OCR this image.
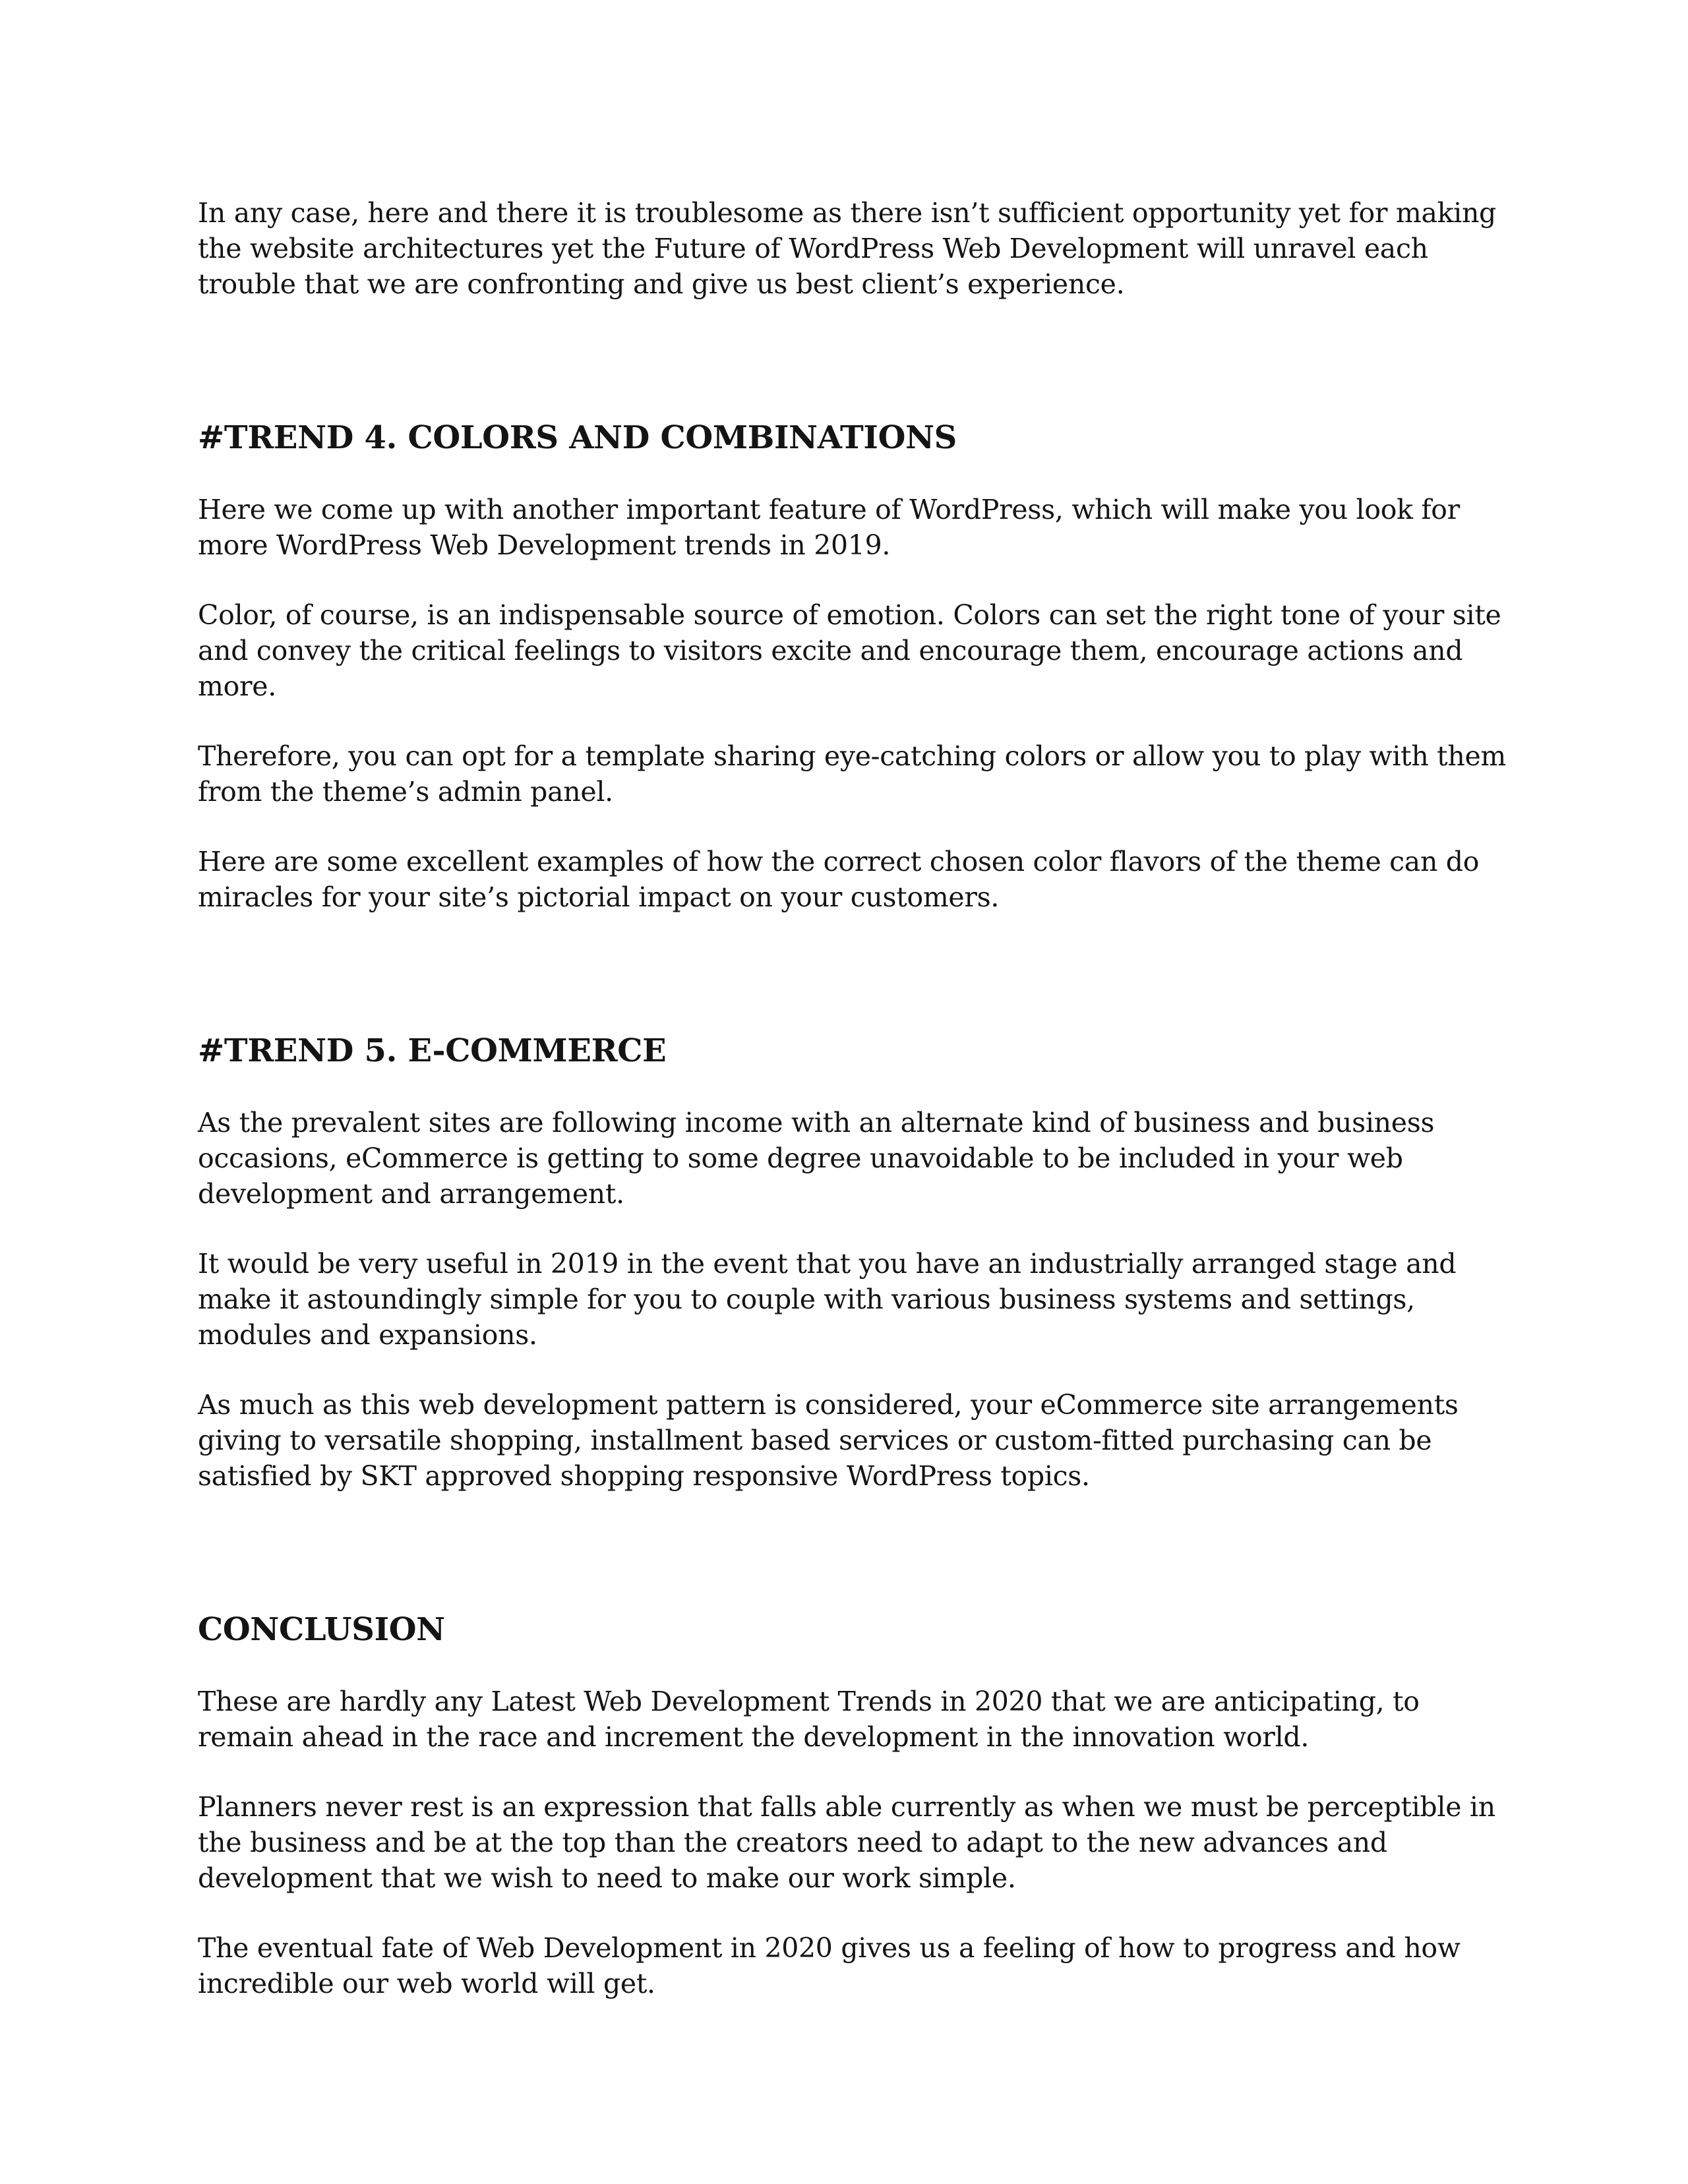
In any case, here and there it is troublesome as there isn’t sufficient opportunity yet for making the website architectures yet the Future of WordPress Web Development will unravel each trouble that we are confronting and give us best client’s experience.

#TREND 4. COLORS AND COMBINATIONS

Here we come up with another important feature of WordPress, which will make you look for more WordPress Web Development trends in 2019.

Color, of course, is an indispensable source of emotion. Colors can set the right tone of your site and convey the critical feelings to visitors excite and encourage them, encourage actions and more.

Therefore, you can opt for a template sharing eye-catching colors or allow you to play with them from the theme’s admin panel.

Here are some excellent examples of how the correct chosen color flavors of the theme can do miracles for your site’s pictorial impact on your customers.

#TREND 5. E-COMMERCE

As the prevalent sites are following income with an alternate kind of business and business occasions, eCommerce is getting to some degree unavoidable to be included in your web development and arrangement.

It would be very useful in 2019 in the event that you have an industrially arranged stage and make it astoundingly simple for you to couple with various business systems and settings, modules and expansions.

As much as this web development pattern is considered, your eCommerce site arrangements giving to versatile shopping, installment based services or custom-fitted purchasing can be satisfied by SKT approved shopping responsive WordPress topics.

CONCLUSION

These are hardly any Latest Web Development Trends in 2020 that we are anticipating, to remain ahead in the race and increment the development in the innovation world.

Planners never rest is an expression that falls able currently as when we must be perceptible in the business and be at the top than the creators need to adapt to the new advances and development that we wish to need to make our work simple.

The eventual fate of Web Development in 2020 gives us a feeling of how to progress and how incredible our web world will get.
